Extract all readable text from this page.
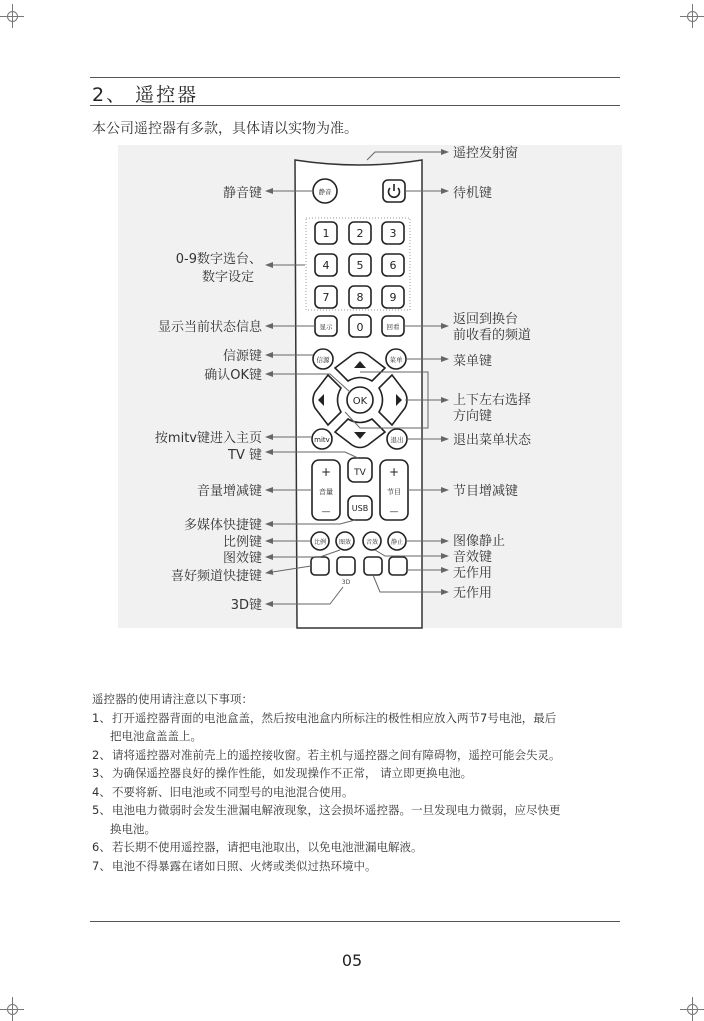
2、 遥控器
本公司遥控器有多款，具体请以实物为准。
静音
1 2 3
4 5 6
7 8 9
显示 0	回看
信源	菜单
OK
mitv	退出
TV
+
音量
—
+
节目
—
USB
比例 图效 音效 静止
3D
静音键
0-9数字选台、
数字设定
显示当前状态信息
信源键
确认OK键
按mitv键进入主页
TV 键
音量增减键
多媒体快捷键
比例键
图效键
喜好频道快捷键
3D键
遥控发射窗
待机键
返回到换台
前收看的频道
菜单键
上下左右选择
方向键
退出菜单状态
节目增减键
图像静止
音效键
无作用
无作用
遥控器的使用请注意以下事项：
1、 打开遥控器背面的电池盒盖，然后按电池盒内所标注的极性相应放入两节7号电池，最后
把电池盒盖盖上。
2、 请将遥控器对准前壳上的遥控接收窗。若主机与遥控器之间有障碍物，遥控可能会失灵。
3、 为确保遥控器良好的操作性能，如发现操作不正常， 请立即更换电池。
4、 不要将新、旧电池或不同型号的电池混合使用。
5、 电池电力微弱时会发生泄漏电解液现象，这会损坏遥控器。一旦发现电力微弱，应尽快更
换电池。
6、 若长期不使用遥控器，请把电池取出，以免电池泄漏电解液。
7、 电池不得暴露在诸如日照、火烤或类似过热环境中。
05
